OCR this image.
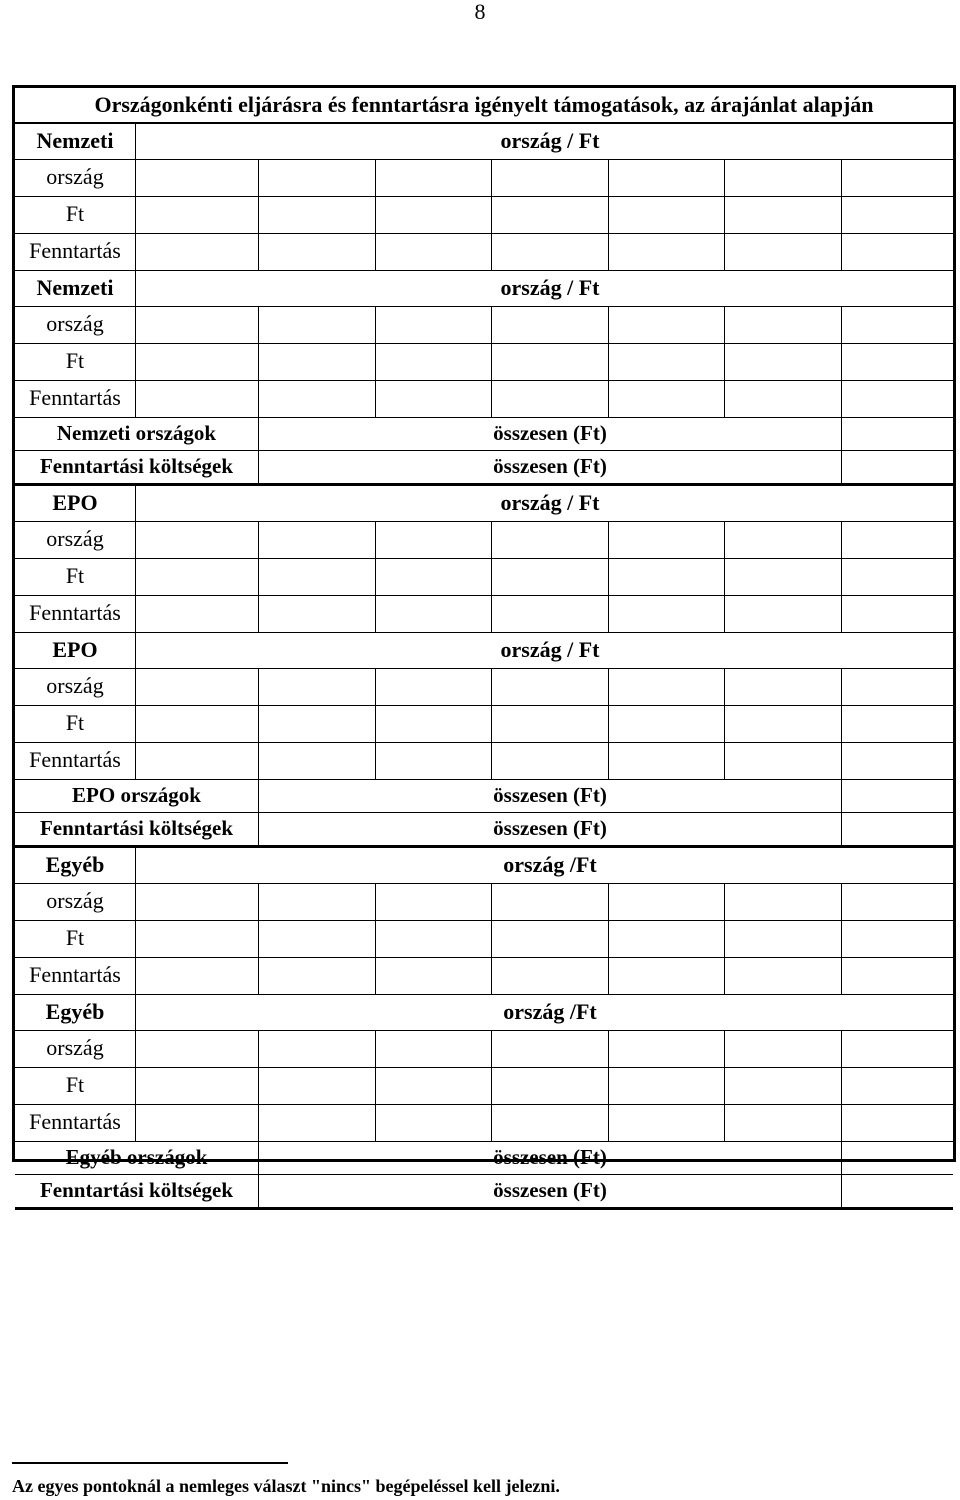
8
Országonkénti eljárásra és fenntartásra igényelt támogatások, az árajánlat alapján
Nemzeti	ország / Ft
ország
Ft
Fenntartás
Nemzeti	ország / Ft
ország
Ft
Fenntartás
Nemzeti országok	összesen (Ft)
Fenntartási költségek	összesen (Ft)
EPO	ország / Ft
ország
Ft
Fenntartás
EPO	ország / Ft
ország
Ft
Fenntartás
EPO országok	összesen (Ft)
Fenntartási költségek	összesen (Ft)
Egyéb	ország /Ft
ország
Ft
Fenntartás
Egyéb	ország /Ft
ország
Ft
Fenntartás
Egyéb országok	összesen (Ft)
Fenntartási költségek	összesen (Ft)
Az egyes pontoknál a nemleges választ "nincs" begépeléssel kell jelezni.
